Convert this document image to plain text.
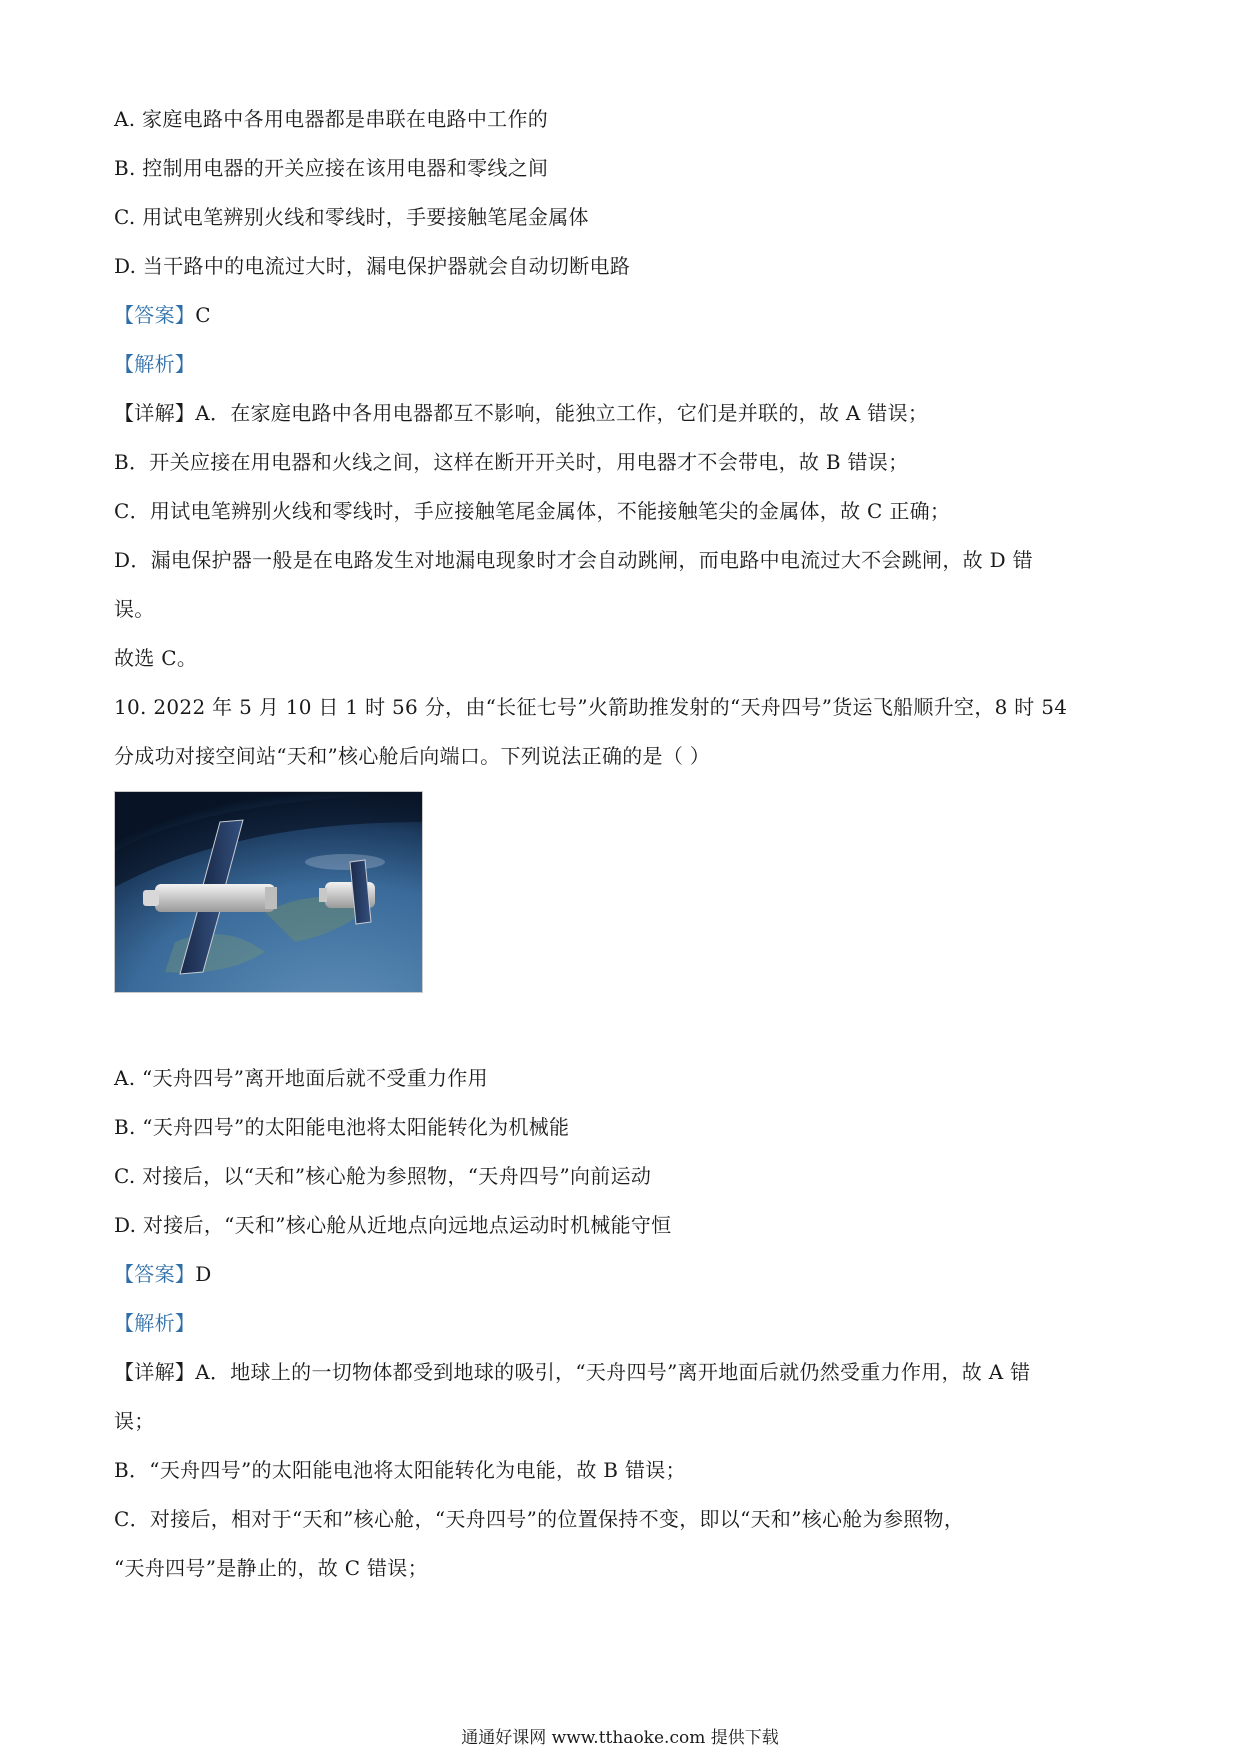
A. 家庭电路中各用电器都是串联在电路中工作的
B. 控制用电器的开关应接在该用电器和零线之间
C. 用试电笔辨别火线和零线时，手要接触笔尾金属体
D. 当干路中的电流过大时，漏电保护器就会自动切断电路
【答案】C
【解析】
【详解】A．在家庭电路中各用电器都互不影响，能独立工作，它们是并联的，故 A 错误；
B．开关应接在用电器和火线之间，这样在断开开关时，用电器才不会带电，故 B 错误；
C．用试电笔辨别火线和零线时，手应接触笔尾金属体，不能接触笔尖的金属体，故 C 正确；
D．漏电保护器一般是在电路发生对地漏电现象时才会自动跳闸，而电路中电流过大不会跳闸，故 D 错
误。
故选 C。
10. 2022 年 5 月 10 日 1 时 56 分，由“长征七号”火箭助推发射的“天舟四号”货运飞船顺升空，8 时 54
分成功对接空间站“天和”核心舱后向端口。下列说法正确的是（ ）
A. “天舟四号”离开地面后就不受重力作用
B. “天舟四号”的太阳能电池将太阳能转化为机械能
C. 对接后，以“天和”核心舱为参照物，“天舟四号”向前运动
D. 对接后，“天和”核心舱从近地点向远地点运动时机械能守恒
【答案】D
【解析】
【详解】A．地球上的一切物体都受到地球的吸引，“天舟四号”离开地面后就仍然受重力作用，故 A 错
误；
B．“天舟四号”的太阳能电池将太阳能转化为电能，故 B 错误；
C．对接后，相对于“天和”核心舱，“天舟四号”的位置保持不变，即以“天和”核心舱为参照物，
“天舟四号”是静止的，故 C 错误；
通通好课网 www.tthaoke.com 提供下载
